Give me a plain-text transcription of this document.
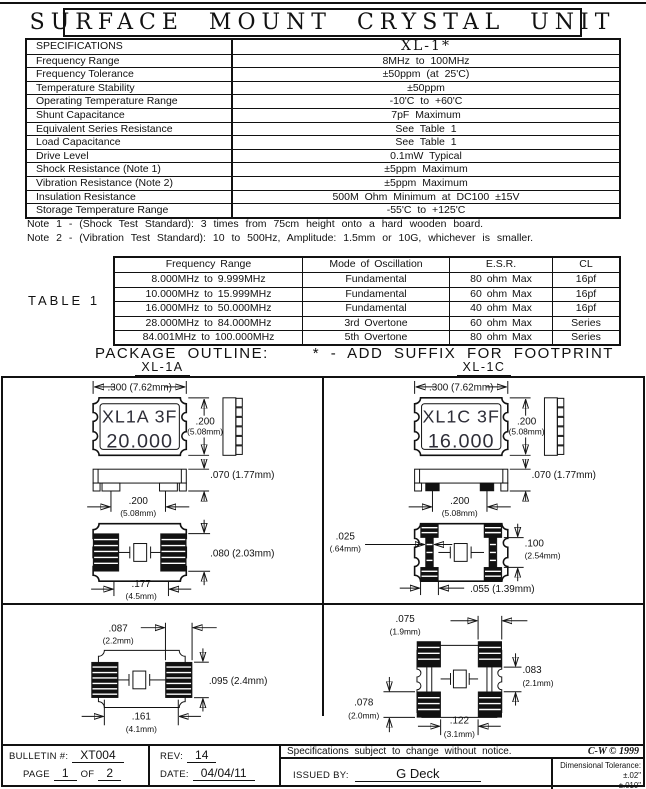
SURFACE MOUNT CRYSTAL UNIT
SPECIFICATIONS	XL-1*
Frequency Range	8MHz to 100MHz
Frequency Tolerance	±50ppm (at 25'C)
Temperature Stability	±50ppm
Operating Temperature Range	-10'C to +60'C
Shunt Capacitance	7pF Maximum
Equivalent Series Resistance	See Table 1
Load Capacitance	See Table 1
Drive Level	0.1mW Typical
Shock Resistance (Note 1)	±5ppm Maximum
Vibration Resistance (Note 2)	±5ppm Maximum
Insulation Resistance	500M Ohm Minimum at DC100 ±15V
Storage Temperature Range	-55'C to +125'C
Note 1 - (Shock Test Standard): 3 times from 75cm height onto a hard wooden board.
Note 2 - (Vibration Test Standard): 10 to 500Hz, Amplitude: 1.5mm or 10G, whichever is smaller.
TABLE 1
Frequency Range	Mode of Oscillation	E.S.R.	CL
8.000MHz to 9.999MHz	Fundamental	80 ohm Max	16pf
10.000MHz to 15.999MHz	Fundamental	60 ohm Max	16pf
16.000MHz to 50.000MHz	Fundamental	40 ohm Max	16pf
28.000MHz to 84.000MHz	3rd Overtone	60 ohm Max	Series
84.001MHz to 100.000MHz	5th Overtone	80 ohm Max	Series
PACKAGE OUTLINE:	* - ADD SUFFIX FOR FOOTPRINT
XL-1A	XL-1C
.300 (7.62mm)
XL1A 3F
20.000
.200
(5.08mm)
.070 (1.77mm)
.200
(5.08mm)
.080 (2.03mm)
.177
(4.5mm)
.300 (7.62mm)
XL1C 3F
16.000
.200
(5.08mm)
.070 (1.77mm)
.200
(5.08mm)
.025
(.64mm)	.100
(2.54mm)
.055 (1.39mm)
.087
(2.2mm)
.095 (2.4mm)
.161
(4.1mm)
.075
(1.9mm)
.083
(2.1mm)
.078
(2.0mm)	.122
(3.1mm)
BULLETIN #:	XT004
PAGE	1	OF	2
REV:	14
DATE:	04/04/11
Specifications subject to change without notice.	C-W © 1999
ISSUED BY:	G Deck
Dimensional Tolerance: ±.02"
±.010"
